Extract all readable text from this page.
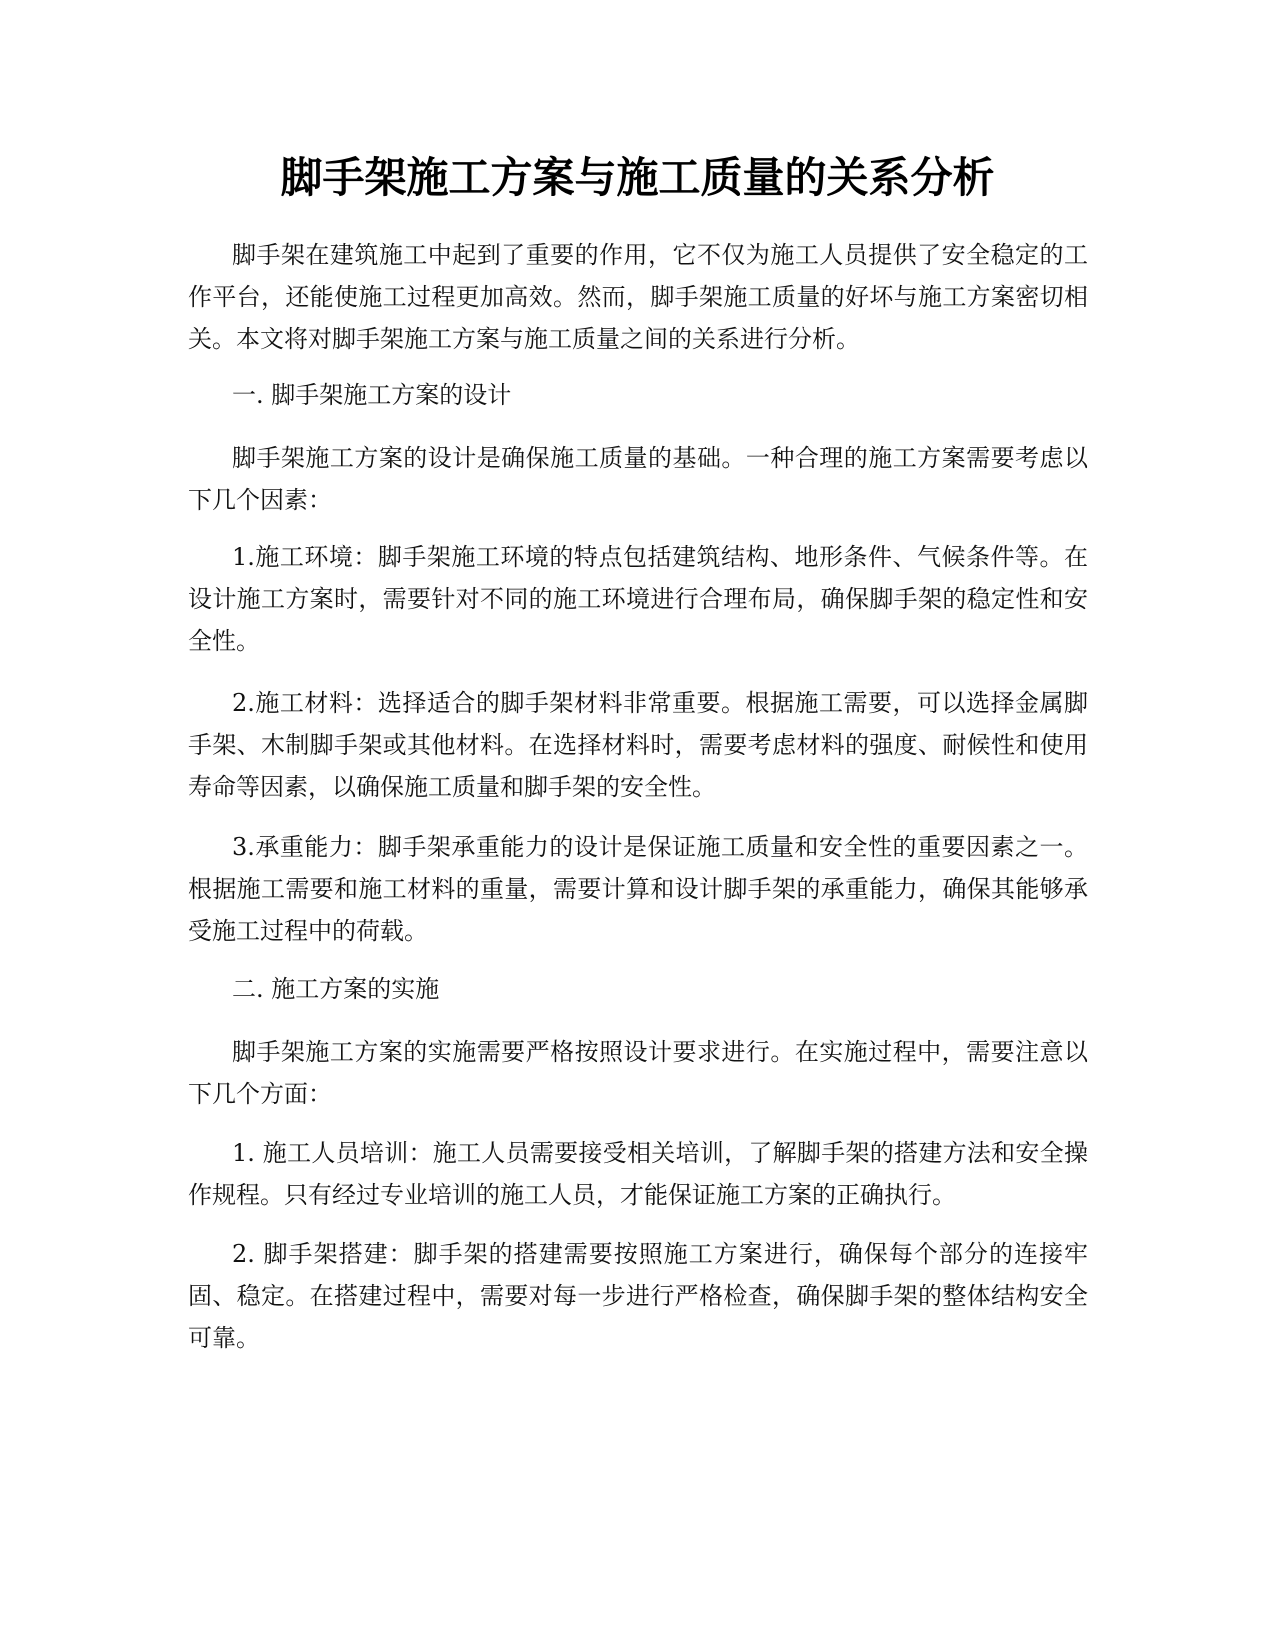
脚手架施工方案与施工质量的关系分析

脚手架在建筑施工中起到了重要的作用，它不仅为施工人员提供了安全稳定的工作平台，还能使施工过程更加高效。然而，脚手架施工质量的好坏与施工方案密切相关。本文将对脚手架施工方案与施工质量之间的关系进行分析。

一. 脚手架施工方案的设计

脚手架施工方案的设计是确保施工质量的基础。一种合理的施工方案需要考虑以下几个因素：

1.施工环境：脚手架施工环境的特点包括建筑结构、地形条件、气候条件等。在设计施工方案时，需要针对不同的施工环境进行合理布局，确保脚手架的稳定性和安全性。

2.施工材料：选择适合的脚手架材料非常重要。根据施工需要，可以选择金属脚手架、木制脚手架或其他材料。在选择材料时，需要考虑材料的强度、耐候性和使用寿命等因素，以确保施工质量和脚手架的安全性。

3.承重能力：脚手架承重能力的设计是保证施工质量和安全性的重要因素之一。根据施工需要和施工材料的重量，需要计算和设计脚手架的承重能力，确保其能够承受施工过程中的荷载。

二. 施工方案的实施

脚手架施工方案的实施需要严格按照设计要求进行。在实施过程中，需要注意以下几个方面：

1. 施工人员培训：施工人员需要接受相关培训，了解脚手架的搭建方法和安全操作规程。只有经过专业培训的施工人员，才能保证施工方案的正确执行。

2. 脚手架搭建：脚手架的搭建需要按照施工方案进行，确保每个部分的连接牢固、稳定。在搭建过程中，需要对每一步进行严格检查，确保脚手架的整体结构安全可靠。
